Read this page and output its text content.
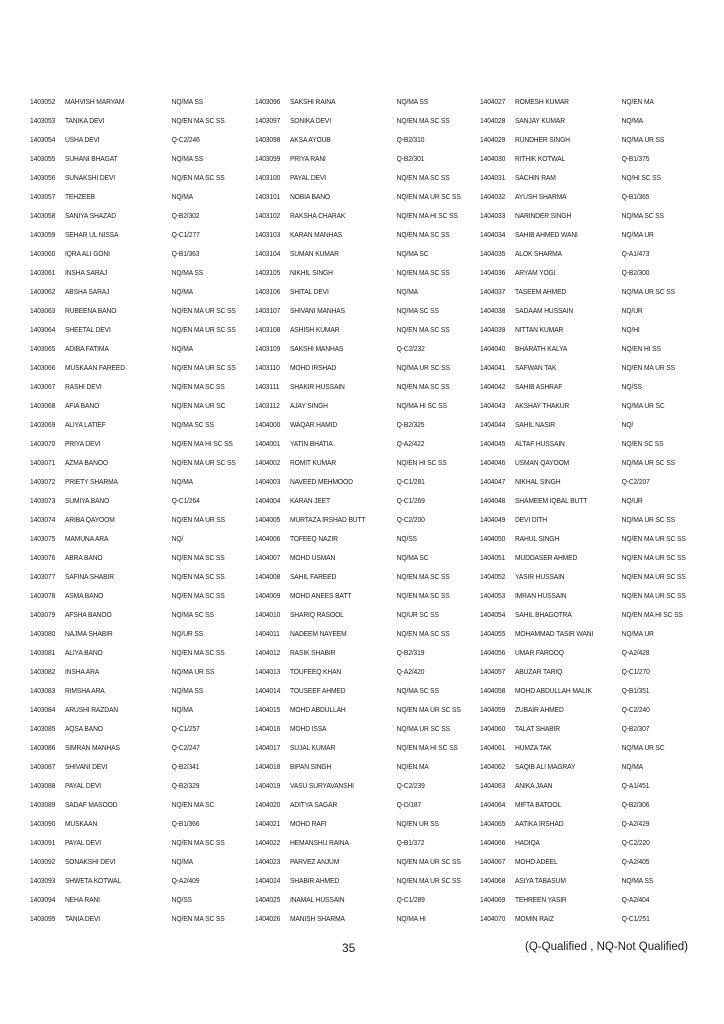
1403052	MAHVISH MARYAM	NQ/MA SS
1403053	TANIKA DEVI	NQ/EN MA SC SS
1403054	USHA DEVI	Q-C2/246
1403055	SUHANI BHAGAT	NQ/MA SS
1403056	SUNAKSHI DEVI	NQ/EN MA SC SS
1403057	TEHZEEB	NQ/MA
1403058	SANIYA SHAZAD	Q-B2/302
1403059	SEHAR UL NISSA	Q-C1/277
1403060	IQRA ALI GONI	Q-B1/363
1403061	INSHA SARAJ	NQ/MA SS
1403062	ABSHA SARAJ	NQ/MA
1403063	RUBEENA BANO	NQ/EN MA UR SC SS
1403064	SHEETAL DEVI	NQ/EN MA UR SC SS
1403065	ADIBA FATIMA	NQ/MA
1403066	MUSKAAN FAREED	NQ/EN MA UR SC SS
1403067	RASHI DEVI	NQ/EN MA SC SS
1403068	AFIA BANO	NQ/EN MA UR SC
1403069	ALIYA LATIEF	NQ/MA SC SS
1403070	PRIYA DEVI	NQ/EN MA HI SC SS
1403071	AZMA BANOO	NQ/EN MA UR SC SS
1403072	PRIETY SHARMA	NQ/MA
1403073	SUMIYA BANO	Q-C1/264
1403074	ARIBA QAYOOM	NQ/EN MA UR SS
1403075	MAMUNA ARA	NQ/
1403076	ABRA BANO	NQ/EN MA SC SS
1403077	SAFINA SHABIR	NQ/EN MA SC SS
1403078	ASMA BANO	NQ/EN MA SC SS
1403079	AFSHA BANOO	NQ/MA SC SS
1403080	NAJMA SHABIR	NQ/UR SS
1403081	ALIYA BANO	NQ/EN MA SC SS
1403082	INSHA ARA	NQ/MA UR SS
1403083	RIMSHA ARA	NQ/MA SS
1403084	ARUSHI RAZDAN	NQ/MA
1403085	AQSA BANO	Q-C1/257
1403086	SIMRAN MANHAS	Q-C2/247
1403087	SHIVANI DEVI	Q-B2/341
1403088	PAYAL DEVI	Q-B2/329
1403089	SADAF MASOOD	NQ/EN MA SC
1403090	MUSKAAN	Q-B1/366
1403091	PAYAL DEVI	NQ/EN MA SC SS
1403092	SONAKSHI DEVI	NQ/MA
1403093	SHWETA KOTWAL	Q-A2/409
1403094	NEHA RANI	NQ/SS
1403095	TANIA DEVI	NQ/EN MA SC SS
1403096	SAKSHI RAINA	NQ/MA SS
1403097	SONIKA DEVI	NQ/EN MA SC SS
1403098	AKSA AYOUB	Q-B2/310
1403099	PRIYA RANI	Q-B2/301
1403100	PAYAL DEVI	NQ/EN MA SC SS
1403101	NOBIA BANO	NQ/EN MA UR SC SS
1403102	RAKSHA CHARAK	NQ/EN MA HI SC SS
1403103	KARAN MANHAS	NQ/EN MA SC SS
1403104	SUMAN KUMAR	NQ/MA SC
1403105	NIKHIL SINGH	NQ/EN MA SC SS
1403106	SHITAL DEVI	NQ/MA
1403107	SHIVANI MANHAS	NQ/MA SC SS
1403108	ASHISH KUMAR	NQ/EN MA SC SS
1403109	SAKSHI MANHAS	Q-C2/232
1403110	MOHD IRSHAD	NQ/MA UR SC SS
1403111	SHAKIR HUSSAIN	NQ/EN MA SC SS
1403112	AJAY SINGH	NQ/MA HI SC SS
1404000	WAQAR HAMID	Q-B2/325
1404001	YATIN BHATIA	Q-A2/422
1404002	ROMIT KUMAR	NQ/EN HI SC SS
1404003	NAVEED MEHMOOD	Q-C1/281
1404004	KARAN JEET	Q-C1/269
1404005	MURTAZA IRSHAD BUTT	Q-C2/200
1404006	TOFEEQ NAZIR	NQ/SS
1404007	MOHD USMAN	NQ/MA SC
1404008	SAHIL FAREED	NQ/EN MA SC SS
1404009	MOHD ANEES BATT	NQ/EN MA SC SS
1404010	SHARIQ RASOOL	NQ/UR SC SS
1404011	NADEEM NAYEEM	NQ/EN MA SC SS
1404012	RASIK SHABIR	Q-B2/319
1404013	TOUFEEQ KHAN	Q-A2/420
1404014	TOUSEEF AHMED	NQ/MA SC SS
1404015	MOHD ABDULLAH	NQ/EN MA UR SC SS
1404016	MOHD ISSA	NQ/MA UR SC SS
1404017	SUJAL KUMAR	NQ/EN MA HI SC SS
1404018	BIPAN SINGH	NQ/EN MA
1404019	VASU SURYAVANSHI	Q-C2/239
1404020	ADITYA SAGAR	Q-D/187
1404021	MOHD RAFI	NQ/EN UR SS
1404022	HEMANSHU RAINA	Q-B1/372
1404023	PARVEZ ANJUM	NQ/EN MA UR SC SS
1404024	SHABIR AHMED	NQ/EN MA UR SC SS
1404025	INAMAL HUSSAIN	Q-C1/289
1404026	MANISH SHARMA	NQ/MA HI
1404027	ROMESH KUMAR	NQ/EN MA
1404028	SANJAY KUMAR	NQ/MA
1404029	RUNDHER SINGH	NQ/MA UR SS
1404030	RITHIK KOTWAL	Q-B1/375
1404031	SACHIN RAM	NQ/HI SC SS
1404032	AYUSH SHARMA	Q-B1/365
1404033	NARINDER SINGH	NQ/MA SC SS
1404034	SAHIB AHMED WANI	NQ/MA UR
1404035	ALOK SHARMA	Q-A1/473
1404036	ARYAM YOGI	Q-B2/300
1404037	TASEEM AHMED	NQ/MA UR SC SS
1404038	SADAAM HUSSAIN	NQ/UR
1404039	NITTAN KUMAR	NQ/HI
1404040	BHARATH KALYA	NQ/EN HI SS
1404041	SAFWAN TAK	NQ/EN MA UR SS
1404042	SAHIB ASHRAF	NQ/SS
1404043	AKSHAY THAKUR	NQ/MA UR SC
1404044	SAHIL NASIR	NQ/
1404045	ALTAF HUSSAIN	NQ/EN SC SS
1404046	USMAN QAYOOM	NQ/MA UR SC SS
1404047	NIKHAL SINGH	Q-C2/207
1404048	SHAMEEM IQBAL BUTT	NQ/UR
1404049	DEVI DITH	NQ/MA UR SC SS
1404050	RAHUL SINGH	NQ/EN MA UR SC SS
1404051	MUDDASER AHMED	NQ/EN MA UR SC SS
1404052	YASIR HUSSAIN	NQ/EN MA UR SC SS
1404053	IMRAN HUSSAIN	NQ/EN MA UR SC SS
1404054	SAHIL BHAGOTRA	NQ/EN MA HI SC SS
1404055	MOHAMMAD TASIR WANI	NQ/MA UR
1404056	UMAR FAROOQ	Q-A2/428
1404057	ABUZAR TARIQ	Q-C1/270
1404058	MOHD ABDULLAH MALIK	Q-B1/351
1404059	ZUBAIR AHMED	Q-C2/240
1404060	TALAT SHABIR	Q-B2/307
1404061	HUMZA TAK	NQ/MA UR SC
1404062	SAQIB ALI MAGRAY	NQ/MA
1404063	ANIKA JAAN	Q-A1/451
1404064	MIFTA BATOOL	Q-B2/306
1404065	AATIKA IRSHAD	Q-A2/429
1404066	HADIQA	Q-C2/220
1404067	MOHD ADEEL	Q-A2/405
1404068	ASIYA TABASUM	NQ/MA SS
1404069	TEHREEN YASIR	Q-A2/404
1404070	MOMIN RAIZ	Q-C1/251
35	(Q-Qualified , NQ-Not Qualified)
